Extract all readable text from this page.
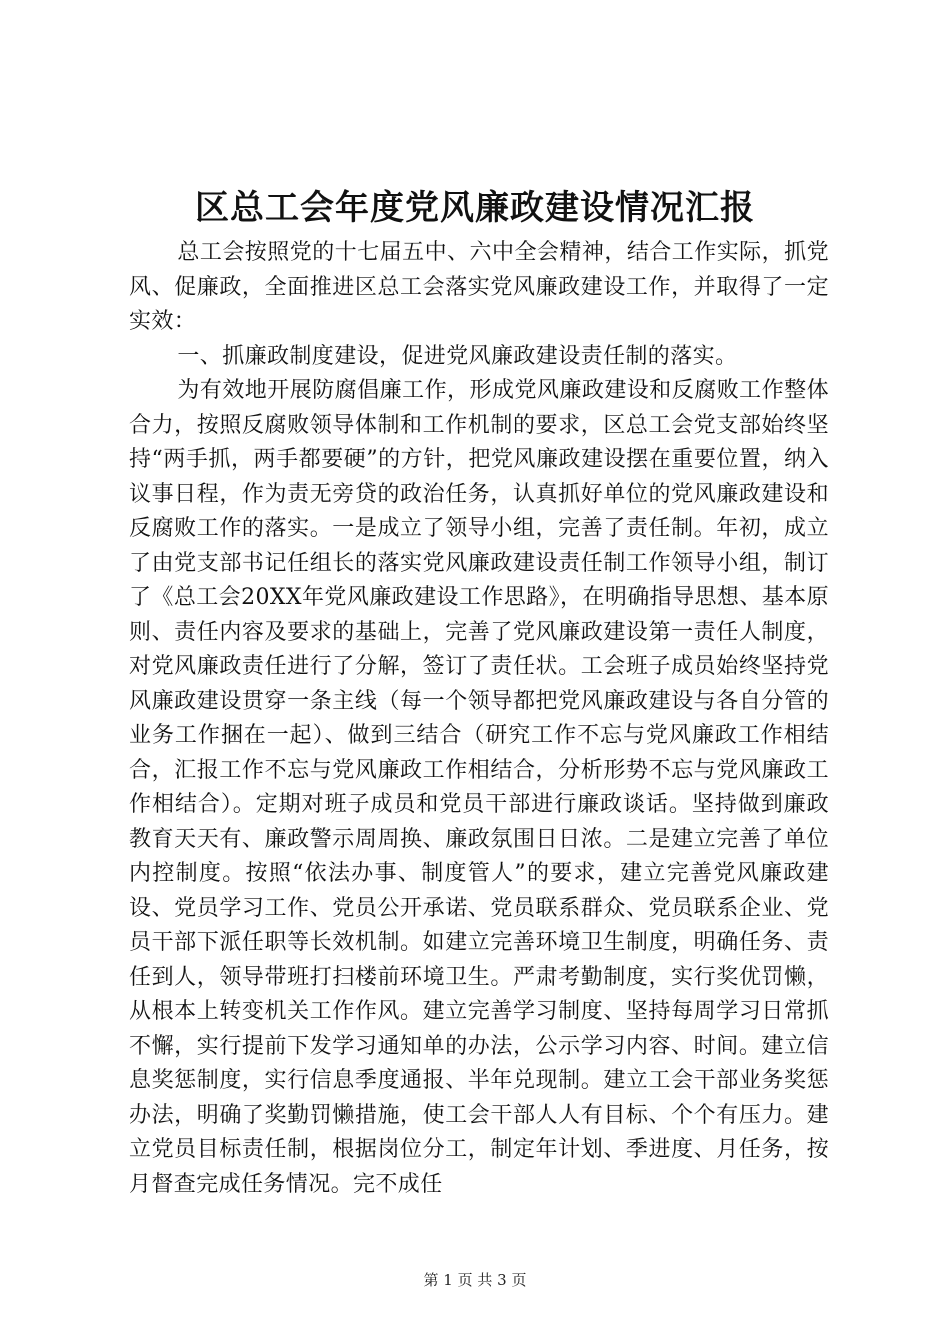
区总工会年度党风廉政建设情况汇报

总工会按照党的十七届五中、六中全会精神，结合工作实际，抓党风、促廉政，全面推进区总工会落实党风廉政建设工作，并取得了一定实效：

一、抓廉政制度建设，促进党风廉政建设责任制的落实。

为有效地开展防腐倡廉工作，形成党风廉政建设和反腐败工作整体合力，按照反腐败领导体制和工作机制的要求，区总工会党支部始终坚持“两手抓，两手都要硬”的方针，把党风廉政建设摆在重要位置，纳入议事日程，作为责无旁贷的政治任务，认真抓好单位的党风廉政建设和反腐败工作的落实。一是成立了领导小组，完善了责任制。年初，成立了由党支部书记任组长的落实党风廉政建设责任制工作领导小组，制订了《总工会20XX年党风廉政建设工作思路》，在明确指导思想、基本原则、责任内容及要求的基础上，完善了党风廉政建设第一责任人制度，对党风廉政责任进行了分解，签订了责任状。工会班子成员始终坚持党风廉政建设贯穿一条主线（每一个领导都把党风廉政建设与各自分管的业务工作捆在一起）、做到三结合（研究工作不忘与党风廉政工作相结合，汇报工作不忘与党风廉政工作相结合，分析形势不忘与党风廉政工作相结合）。定期对班子成员和党员干部进行廉政谈话。坚持做到廉政教育天天有、廉政警示周周换、廉政氛围日日浓。二是建立完善了单位内控制度。按照“依法办事、制度管人”的要求，建立完善党风廉政建设、党员学习工作、党员公开承诺、党员联系群众、党员联系企业、党员干部下派任职等长效机制。如建立完善环境卫生制度，明确任务、责任到人，领导带班打扫楼前环境卫生。严肃考勤制度，实行奖优罚懒，从根本上转变机关工作作风。建立完善学习制度、坚持每周学习日常抓不懈，实行提前下发学习通知单的办法，公示学习内容、时间。建立信息奖惩制度，实行信息季度通报、半年兑现制。建立工会干部业务奖惩办法，明确了奖勤罚懒措施，使工会干部人人有目标、个个有压力。建立党员目标责任制，根据岗位分工，制定年计划、季进度、月任务，按月督查完成任务情况。完不成任

第 1 页 共 3 页
